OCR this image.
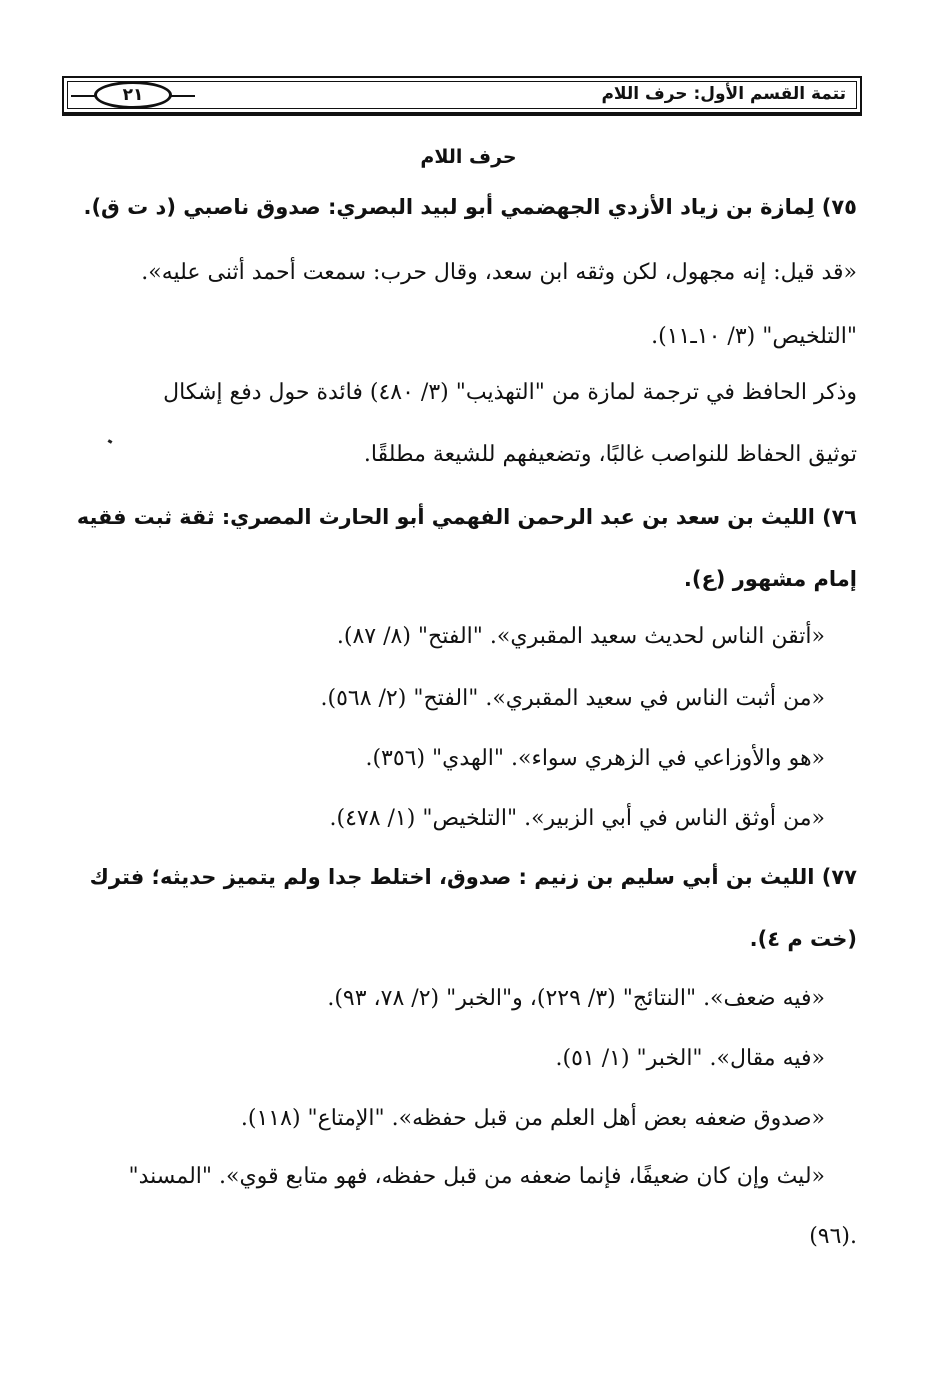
تتمة القسم الأول: حرف اللام
٢١
حرف اللام
٧٥) لِمازة بن زياد الأزدي الجهضمي أبو لبيد البصري: صدوق ناصبي (د ت ق).
«قد قيل: إنه مجهول، لكن وثقه ابن سعد، وقال حرب: سمعت أحمد أثنى عليه».
"التلخيص" (٣/ ١٠ـ١١).
وذكر الحافظ في ترجمة لمازة من "التهذيب" (٣/ ٤٨٠) فائدة حول دفع إشكال
توثيق الحفاظ للنواصب غالبًا، وتضعيفهم للشيعة مطلقًا.
٧٦) الليث بن سعد بن عبد الرحمن الفهمي أبو الحارث المصري: ثقة ثبت فقيه
إمام مشهور (ع).
«أتقن الناس لحديث سعيد المقبري». "الفتح" (٨/ ٨٧).
«من أثبت الناس في سعيد المقبري». "الفتح" (٢/ ٥٦٨).
«هو والأوزاعي في الزهري سواء». "الهدي" (٣٥٦).
«من أوثق الناس في أبي الزبير». "التلخيص" (١/ ٤٧٨).
٧٧) الليث بن أبي سليم بن زنيم : صدوق، اختلط جدا ولم يتميز حديثه؛ فترك
(خت م ٤).
«فيه ضعف». "النتائج" (٣/ ٢٢٩)، و"الخبر" (٢/ ٧٨، ٩٣).
«فيه مقال». "الخبر" (١/ ٥١).
«صدوق ضعفه بعض أهل العلم من قبل حفظه». "الإمتاع" (١١٨).
«ليث وإن كان ضعيفًا، فإنما ضعفه من قبل حفظه، فهو متابع قوي». "المسند"
(٩٦).
